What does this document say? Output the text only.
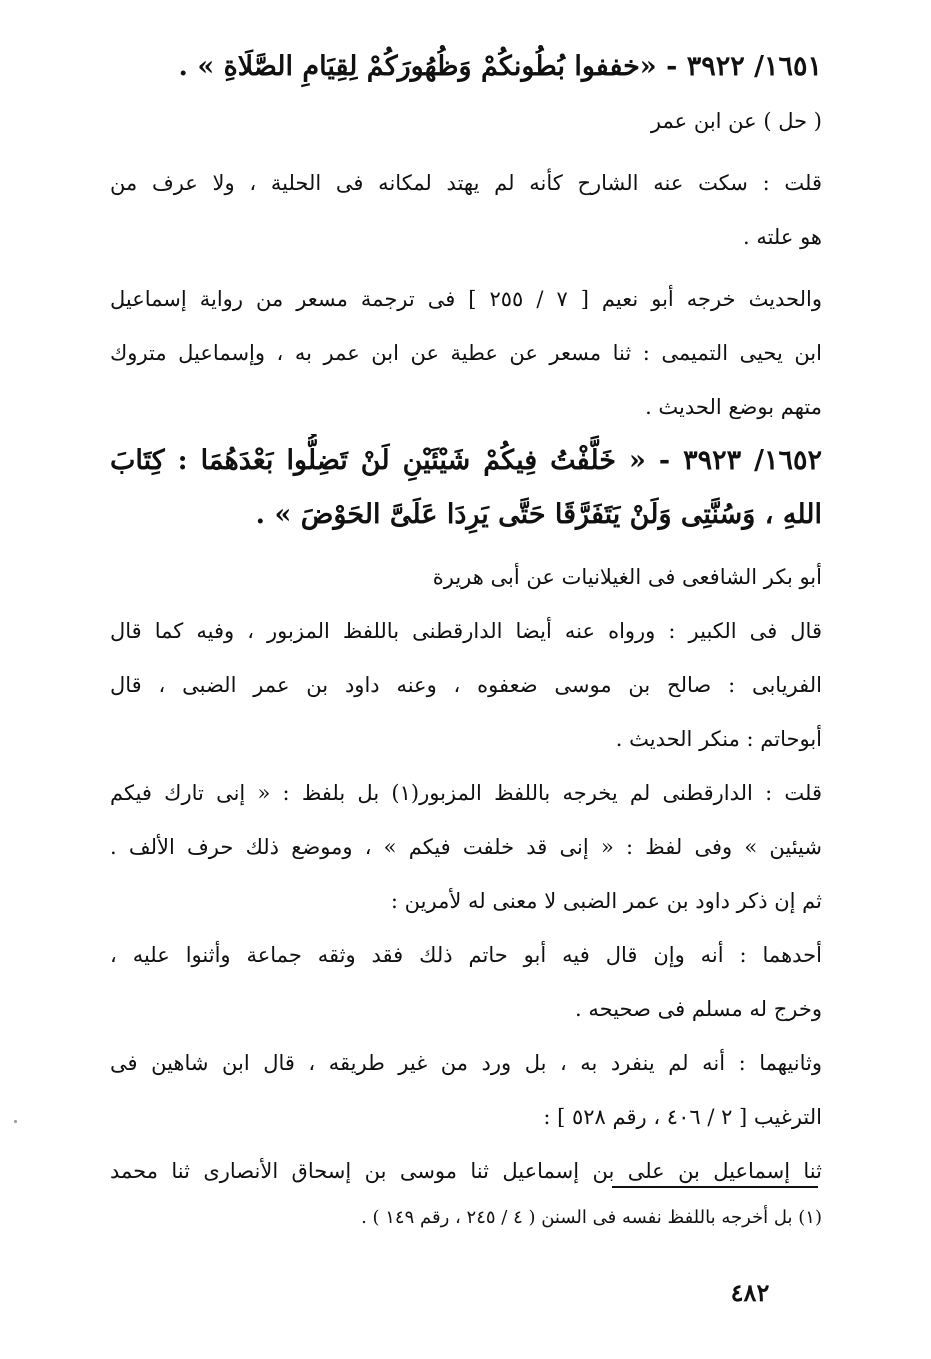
١٦٥١/ ٣٩٢٢ - «خففوا بُطُونكُمْ وَظُهُورَكُمْ لِقِيَامِ الصَّلَاةِ » .
( حل ) عن ابن عمر
قلت : سكت عنه الشارح كأنه لم يهتد لمكانه فى الحلية ، ولا عرف من
هو علته .
والحديث خرجه أبو نعيم [ ٧ / ٢٥٥ ] فى ترجمة مسعر من رواية إسماعيل
ابن يحيى التميمى : ثنا مسعر عن عطية عن ابن عمر به ، وإسماعيل متروك
متهم بوضع الحديث .
١٦٥٢/ ٣٩٢٣ - « خَلَّفْتُ فِيكُمْ شَيْئَيْنِ لَنْ تَضِلُّوا بَعْدَهُمَا : كِتَابَ
اللهِ ، وَسُنَّتِى وَلَنْ يَتَفَرَّقَا حَتَّى يَرِدَا عَلَىَّ الحَوْضَ » .
أبو بكر الشافعى فى الغيلانيات عن أبى هريرة
قال فى الكبير : ورواه عنه أيضا الدارقطنى باللفظ المزبور ، وفيه كما قال
الفريابى : صالح بن موسى ضعفوه ، وعنه داود بن عمر الضبى ، قال
أبوحاتم : منكر الحديث .
قلت : الدارقطنى لم يخرجه باللفظ المزبور(١) بل بلفظ : « إنى تارك فيكم
شيئين » وفى لفظ : « إنى قد خلفت فيكم » ، وموضع ذلك حرف الألف .
ثم إن ذكر داود بن عمر الضبى لا معنى له لأمرين :
أحدهما : أنه وإن قال فيه أبو حاتم ذلك فقد وثقه جماعة وأثنوا عليه ،
وخرج له مسلم فى صحيحه .
وثانيهما : أنه لم ينفرد به ، بل ورد من غير طريقه ، قال ابن شاهين فى
الترغيب [ ٢ / ٤٠٦ ، رقم ٥٢٨ ] :
ثنا إسماعيل بن على بن إسماعيل ثنا موسى بن إسحاق الأنصارى ثنا محمد
(١) بل أخرجه باللفظ نفسه فى السنن ( ٤ / ٢٤٥ ، رقم ١٤٩ ) .
٤٨٢
